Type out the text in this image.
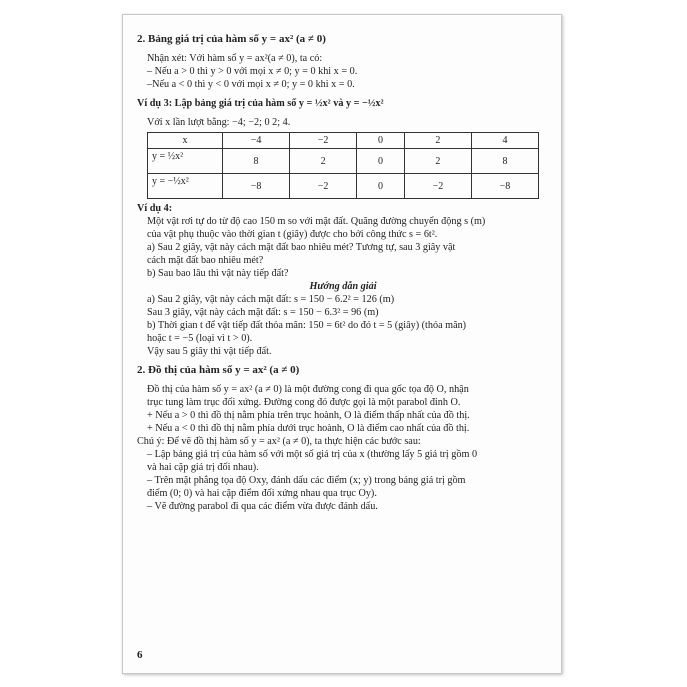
2. Bảng giá trị của hàm số y = ax² (a ≠ 0)

Nhận xét: Với hàm số y = ax²(a ≠ 0), ta có:

– Nếu a > 0 thì y > 0 với mọi x ≠ 0; y = 0 khi x = 0.

–Nếu a < 0 thì y < 0 với mọi x ≠ 0; y = 0 khi x = 0.

Ví dụ 3: Lập bảng giá trị của hàm số y = ½x² và y = −½x²

Với x lần lượt bằng: −4; −2; 0 2; 4.

x	−4	−2	0	2	4
y = ½x²	8	2	0	2	8
y = −½x²	−8	−2	0	−2	−8

Ví dụ 4:

Một vật rơi tự do từ độ cao 150 m so với mặt đất. Quãng đường chuyển động s (m)

của vật phụ thuộc vào thời gian t (giây) được cho bởi công thức s = 6t².

a) Sau 2 giây, vật này cách mặt đất bao nhiêu mét? Tương tự, sau 3 giây vật

cách mặt đất bao nhiêu mét?

b) Sau bao lâu thì vật này tiếp đất?

Hướng dẫn giải

a) Sau 2 giây, vật này cách mặt đất: s = 150 − 6.2² = 126 (m)

Sau 3 giây, vật này cách mặt đất: s = 150 − 6.3² = 96 (m)

b) Thời gian t để vật tiếp đất thỏa mãn: 150 = 6t² do đó t = 5 (giây) (thỏa mãn)

hoặc t = −5 (loại vì t > 0).

Vậy sau 5 giây thì vật tiếp đất.

2. Đồ thị của hàm số y = ax² (a ≠ 0)

Đồ thị của hàm số y = ax² (a ≠ 0) là một đường cong đi qua gốc tọa độ O, nhận

trục tung làm trục đối xứng. Đường cong đó được gọi là một parabol đỉnh O.

+ Nếu a > 0 thì đồ thị nằm phía trên trục hoành, O là điểm thấp nhất của đồ thị.

+ Nếu a < 0 thì đồ thị nằm phía dưới trục hoành, O là điểm cao nhất của đồ thị.

Chú ý: Để vẽ đồ thị hàm số y = ax² (a ≠ 0), ta thực hiện các bước sau:

– Lập bảng giá trị của hàm số với một số giá trị của x (thường lấy 5 giá trị gồm 0

và hai cặp giá trị đối nhau).

– Trên mặt phẳng tọa độ Oxy, đánh dấu các điểm (x; y) trong bảng giá trị gồm

điểm (0; 0) và hai cặp điểm đối xứng nhau qua trục Oy).

– Vẽ đường parabol đi qua các điểm vừa được đánh dấu.

6
